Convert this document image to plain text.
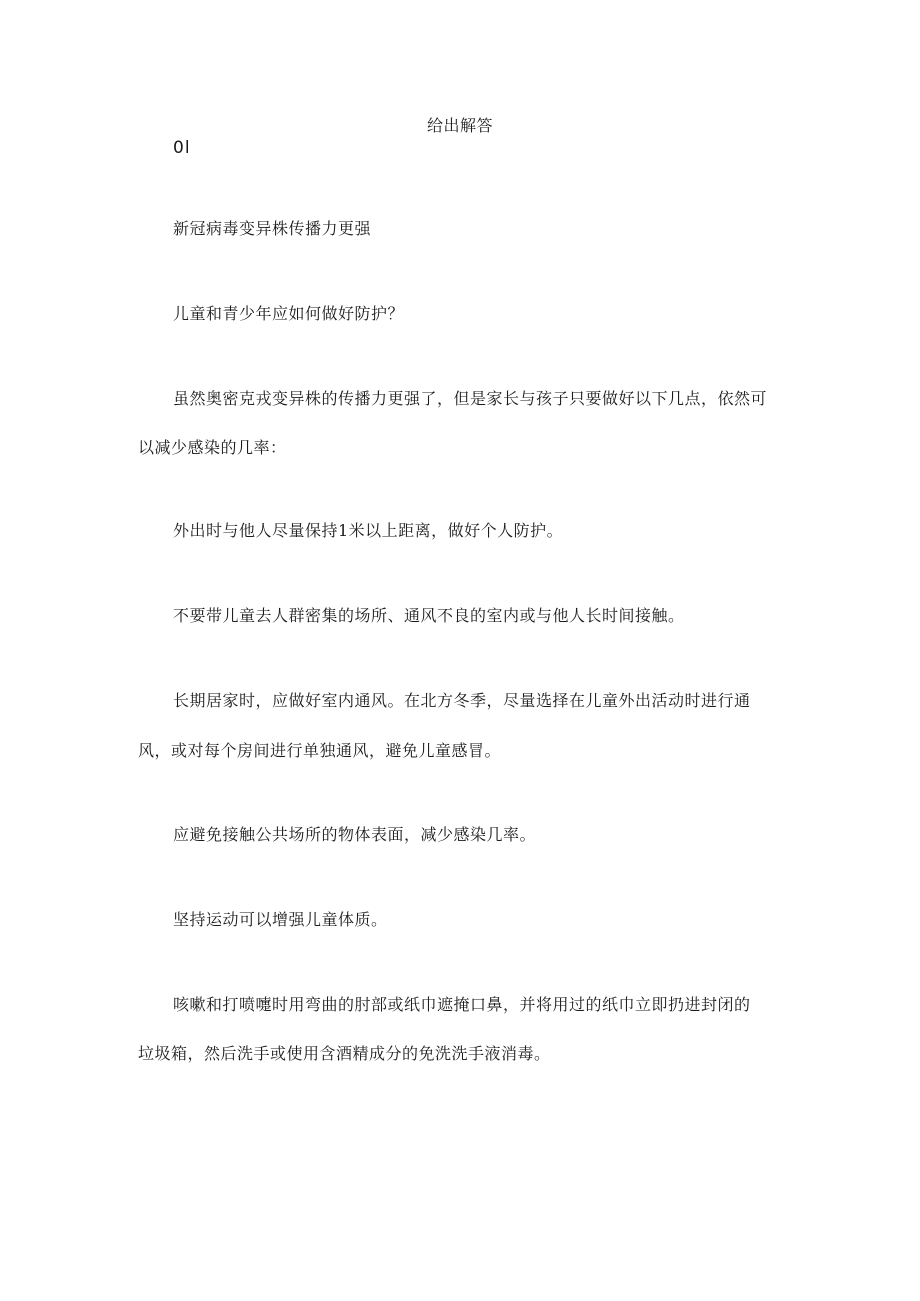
给出解答
0l
新冠病毒变异株传播力更强
儿童和青少年应如何做好防护？
虽然奥密克戎变异株的传播力更强了，但是家长与孩子只要做好以下几点，依然可
以减少感染的几率：
外出时与他人尽量保持1米以上距离，做好个人防护。
不要带儿童去人群密集的场所、通风不良的室内或与他人长时间接触。
长期居家时，应做好室内通风。在北方冬季，尽量选择在儿童外出活动时进行通
风，或对每个房间进行单独通风，避免儿童感冒。
应避免接触公共场所的物体表面，减少感染几率。
坚持运动可以增强儿童体质。
咳嗽和打喷嚏时用弯曲的肘部或纸巾遮掩口鼻，并将用过的纸巾立即扔进封闭的
垃圾箱，然后洗手或使用含酒精成分的免洗洗手液消毒。
